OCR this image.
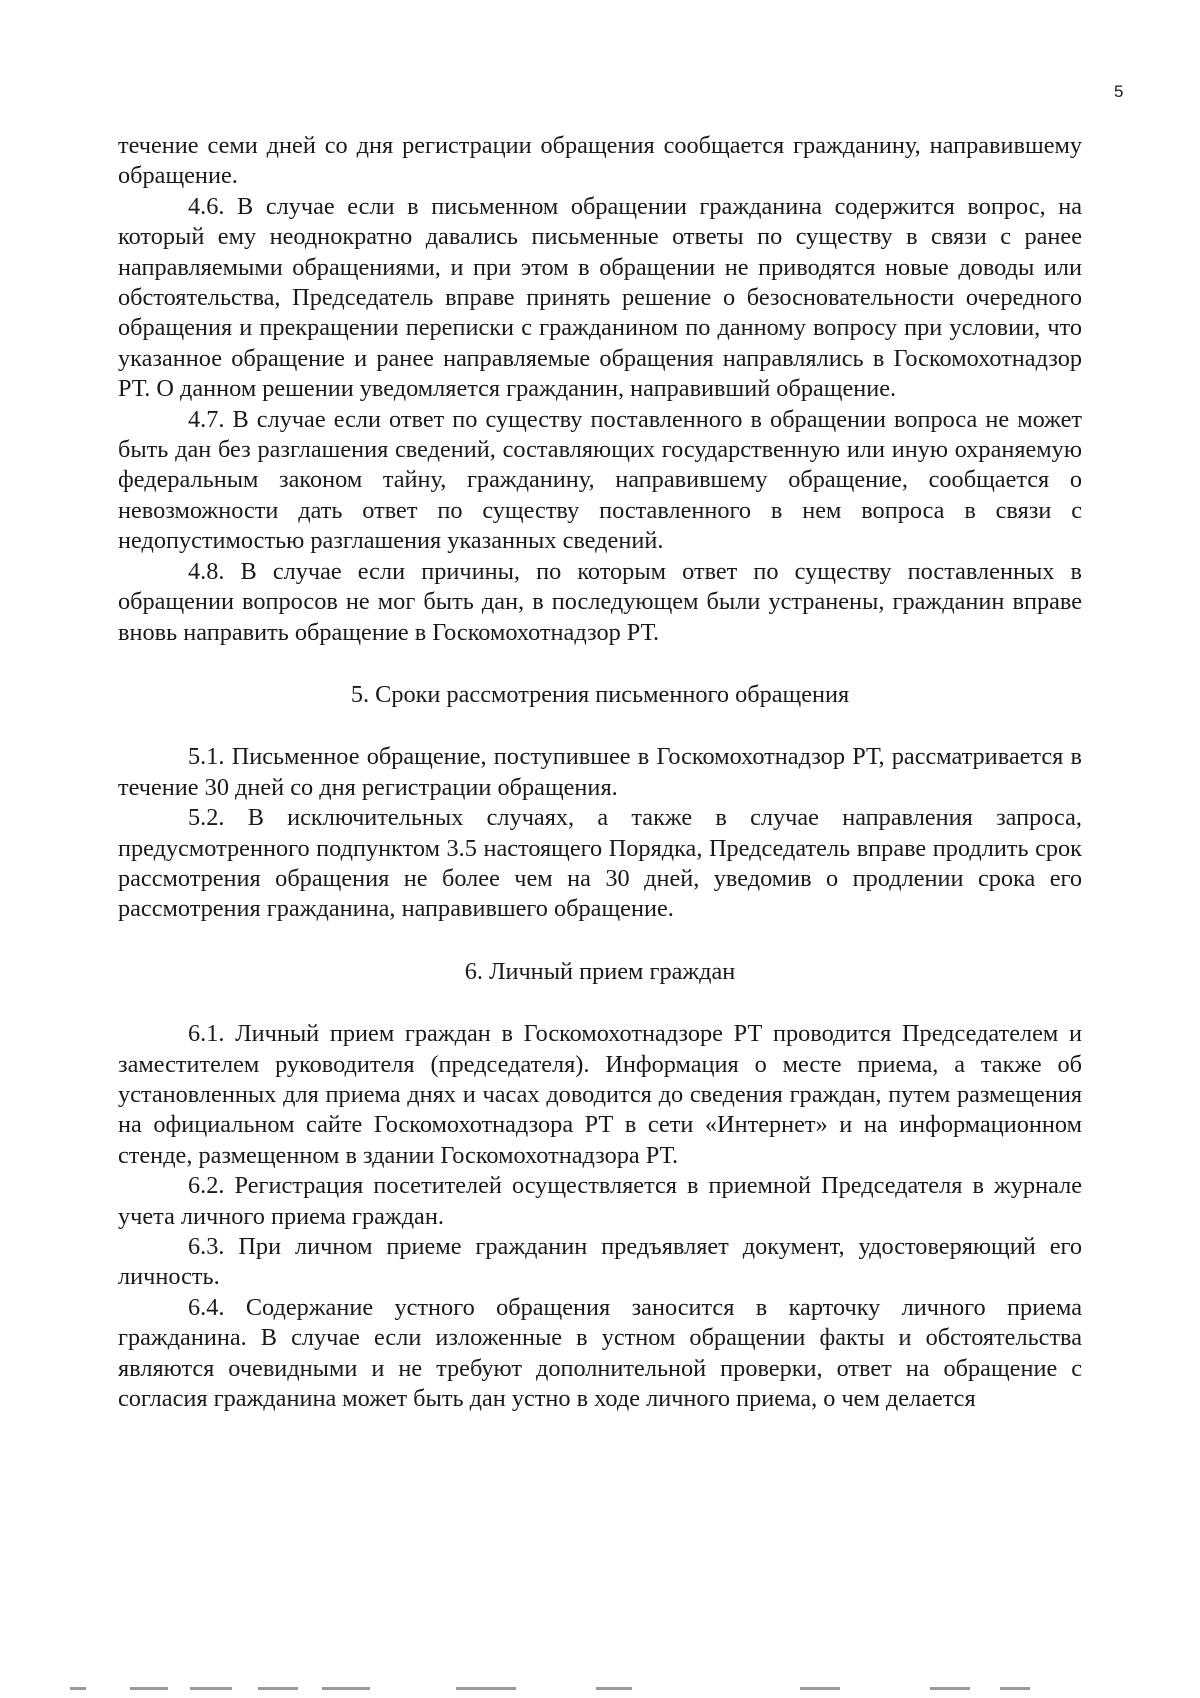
5

течение семи дней со дня регистрации обращения сообщается гражданину, направившему обращение.

4.6. В случае если в письменном обращении гражданина содержится вопрос, на который ему неоднократно давались письменные ответы по существу в связи с ранее направляемыми обращениями, и при этом в обращении не приводятся новые доводы или обстоятельства, Председатель вправе принять решение о безосновательности очередного обращения и прекращении переписки с гражданином по данному вопросу при условии, что указанное обращение и ранее направляемые обращения направлялись в Госкомохотнадзор РТ. О данном решении уведомляется гражданин, направивший обращение.

4.7. В случае если ответ по существу поставленного в обращении вопроса не может быть дан без разглашения сведений, составляющих государственную или иную охраняемую федеральным законом тайну, гражданину, направившему обращение, сообщается о невозможности дать ответ по существу поставленного в нем вопроса в связи с недопустимостью разглашения указанных сведений.

4.8. В случае если причины, по которым ответ по существу поставленных в обращении вопросов не мог быть дан, в последующем были устранены, гражданин вправе вновь направить обращение в Госкомохотнадзор РТ.

5. Сроки рассмотрения письменного обращения

5.1. Письменное обращение, поступившее в Госкомохотнадзор РТ, рассматривается в течение 30 дней со дня регистрации обращения.

5.2. В исключительных случаях, а также в случае направления запроса, предусмотренного подпунктом 3.5 настоящего Порядка, Председатель вправе продлить срок рассмотрения обращения не более чем на 30 дней, уведомив о продлении срока его рассмотрения гражданина, направившего обращение.

6. Личный прием граждан

6.1. Личный прием граждан в Госкомохотнадзоре РТ проводится Председателем и заместителем руководителя (председателя). Информация о месте приема, а также об установленных для приема днях и часах доводится до сведения граждан, путем размещения на официальном сайте Госкомохотнадзора РТ в сети «Интернет» и на информационном стенде, размещенном в здании Госкомохотнадзора РТ.

6.2. Регистрация посетителей осуществляется в приемной Председателя в журнале учета личного приема граждан.

6.3. При личном приеме гражданин предъявляет документ, удостоверяющий его личность.

6.4. Содержание устного обращения заносится в карточку личного приема гражданина. В случае если изложенные в устном обращении факты и обстоятельства являются очевидными и не требуют дополнительной проверки, ответ на обращение с согласия гражданина может быть дан устно в ходе личного приема, о чем делается
